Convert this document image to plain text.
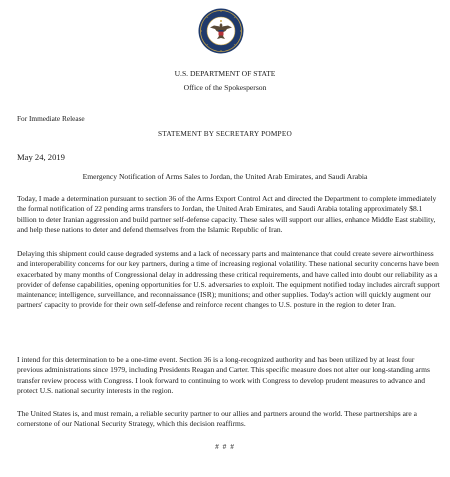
U.S. DEPARTMENT OF STATE
Office of the Spokesperson
For Immediate Release
STATEMENT BY SECRETARY POMPEO
May 24, 2019
Emergency Notification of Arms Sales to Jordan, the United Arab Emirates, and Saudi Arabia

Today, I made a determination pursuant to section 36 of the Arms Export Control Act and directed the Department to complete immediately the formal notification of 22 pending arms transfers to Jordan, the United Arab Emirates, and Saudi Arabia totaling approximately $8.1 billion to deter Iranian aggression and build partner self-defense capacity. These sales will support our allies, enhance Middle East stability, and help these nations to deter and defend themselves from the Islamic Republic of Iran.

Delaying this shipment could cause degraded systems and a lack of necessary parts and maintenance that could create severe airworthiness and interoperability concerns for our key partners, during a time of increasing regional volatility. These national security concerns have been exacerbated by many months of Congressional delay in addressing these critical requirements, and have called into doubt our reliability as a provider of defense capabilities, opening opportunities for U.S. adversaries to exploit. The equipment notified today includes aircraft support maintenance; intelligence, surveillance, and reconnaissance (ISR); munitions; and other supplies. Today's action will quickly augment our partners' capacity to provide for their own self-defense and reinforce recent changes to U.S. posture in the region to deter Iran.

I intend for this determination to be a one-time event. Section 36 is a long-recognized authority and has been utilized by at least four previous administrations since 1979, including Presidents Reagan and Carter. This specific measure does not alter our long-standing arms transfer review process with Congress. I look forward to continuing to work with Congress to develop prudent measures to advance and protect U.S. national security interests in the region.

The United States is, and must remain, a reliable security partner to our allies and partners around the world. These partnerships are a cornerstone of our National Security Strategy, which this decision reaffirms.

# # #
